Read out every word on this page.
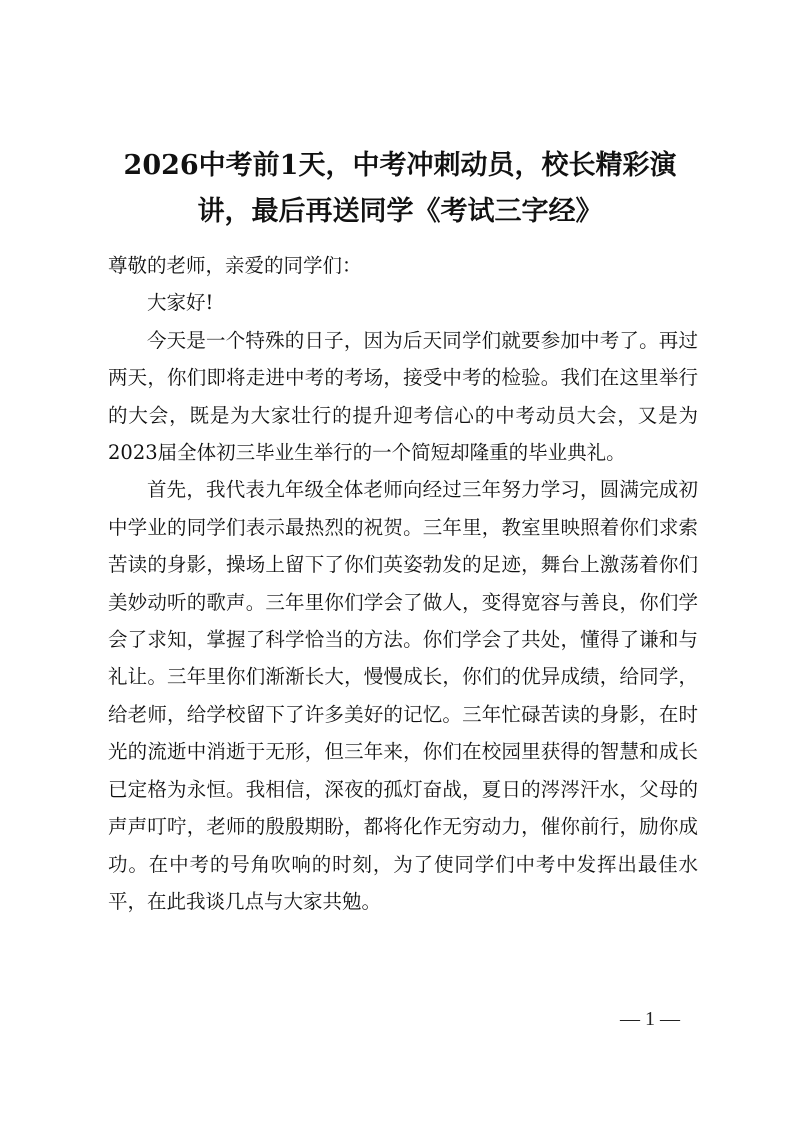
2026中考前1天，中考冲刺动员，校长精彩演讲，最后再送同学《考试三字经》

尊敬的老师，亲爱的同学们：

大家好!

今天是一个特殊的日子，因为后天同学们就要参加中考了。再过两天，你们即将走进中考的考场，接受中考的检验。我们在这里举行的大会，既是为大家壮行的提升迎考信心的中考动员大会，又是为2023届全体初三毕业生举行的一个简短却隆重的毕业典礼。

首先，我代表九年级全体老师向经过三年努力学习，圆满完成初中学业的同学们表示最热烈的祝贺。三年里，教室里映照着你们求索苦读的身影，操场上留下了你们英姿勃发的足迹，舞台上激荡着你们美妙动听的歌声。三年里你们学会了做人，变得宽容与善良，你们学会了求知，掌握了科学恰当的方法。你们学会了共处，懂得了谦和与礼让。三年里你们渐渐长大，慢慢成长，你们的优异成绩，给同学，给老师，给学校留下了许多美好的记忆。三年忙碌苦读的身影，在时光的流逝中消逝于无形，但三年来，你们在校园里获得的智慧和成长已定格为永恒。我相信，深夜的孤灯奋战，夏日的涔涔汗水，父母的声声叮咛，老师的殷殷期盼，都将化作无穷动力，催你前行，励你成功。在中考的号角吹响的时刻，为了使同学们中考中发挥出最佳水平，在此我谈几点与大家共勉。

— 1 —
